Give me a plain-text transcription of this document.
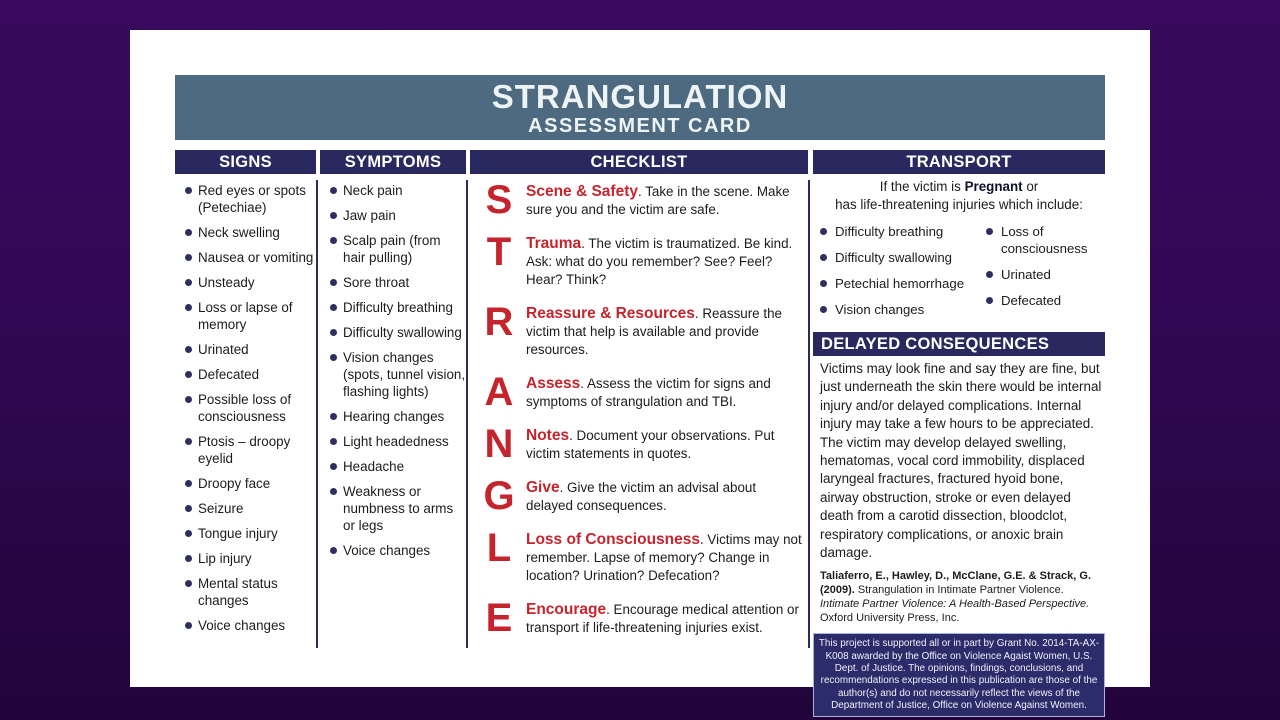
STRANGULATION
ASSESSMENT CARD
SIGNS
Red eyes or spots (Petechiae)
Neck swelling
Nausea or vomiting
Unsteady
Loss or lapse of memory
Urinated
Defecated
Possible loss of consciousness
Ptosis – droopy eyelid
Droopy face
Seizure
Tongue injury
Lip injury
Mental status changes
Voice changes
SYMPTOMS
Neck pain
Jaw pain
Scalp pain (from hair pulling)
Sore throat
Difficulty breathing
Difficulty swallowing
Vision changes (spots, tunnel vision, flashing lights)
Hearing changes
Light headedness
Headache
Weakness or numbness to arms or legs
Voice changes
CHECKLIST
S Scene & Safety. Take in the scene. Make sure you and the victim are safe.
T Trauma. The victim is traumatized. Be kind. Ask: what do you remember? See? Feel? Hear? Think?
R Reassure & Resources. Reassure the victim that help is available and provide resources.
A Assess. Assess the victim for signs and symptoms of strangulation and TBI.
N Notes. Document your observations. Put victim statements in quotes.
G Give. Give the victim an advisal about delayed consequences.
L Loss of Consciousness. Victims may not remember. Lapse of memory? Change in location? Urination? Defecation?
E Encourage. Encourage medical attention or transport if life-threatening injuries exist.
TRANSPORT
If the victim is Pregnant or
has life-threatening injuries which include:
Difficulty breathing
Difficulty swallowing
Petechial hemorrhage
Vision changes
Loss of consciousness
Urinated
Defecated
DELAYED CONSEQUENCES
Victims may look fine and say they are fine, but just underneath the skin there would be internal injury and/or delayed complications. Internal injury may take a few hours to be appreciated. The victim may develop delayed swelling, hematomas, vocal cord immobility, displaced laryngeal fractures, fractured hyoid bone, airway obstruction, stroke or even delayed death from a carotid dissection, bloodclot, respiratory complications, or anoxic brain damage.
Taliaferro, E., Hawley, D., McClane, G.E. & Strack, G. (2009). Strangulation in Intimate Partner Violence. Intimate Partner Violence: A Health-Based Perspective. Oxford University Press, Inc.
This project is supported all or in part by Grant No. 2014-TA-AX-K008 awarded by the Office on Violence Agaist Women, U.S. Dept. of Justice. The opinions, findings, conclusions, and recommendations expressed in this publication are those of the author(s) and do not necessarily reflect the views of the Department of Justice, Office on Violence Against Women.
